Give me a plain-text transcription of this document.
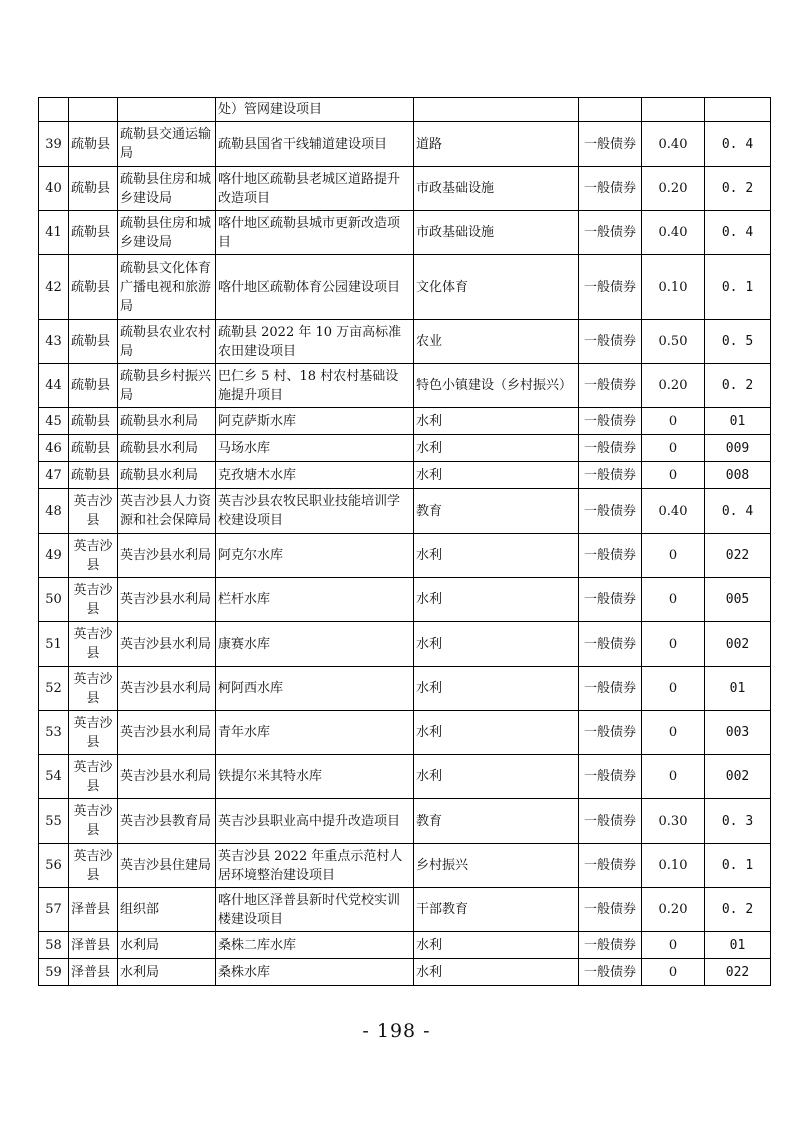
			处）管网建设项目				
39	疏勒县	疏勒县交通运输局	疏勒县国省干线辅道建设项目	道路	一般债券	0.40	0. 4
40	疏勒县	疏勒县住房和城乡建设局	喀什地区疏勒县老城区道路提升改造项目	市政基础设施	一般债券	0.20	0. 2
41	疏勒县	疏勒县住房和城乡建设局	喀什地区疏勒县城市更新改造项目	市政基础设施	一般债券	0.40	0. 4
42	疏勒县	疏勒县文化体育广播电视和旅游局	喀什地区疏勒体育公园建设项目	文化体育	一般债券	0.10	0. 1
43	疏勒县	疏勒县农业农村局	疏勒县 2022 年 10 万亩高标准农田建设项目	农业	一般债券	0.50	0. 5
44	疏勒县	疏勒县乡村振兴局	巴仁乡 5 村、18 村农村基础设施提升项目	特色小镇建设（乡村振兴）	一般债券	0.20	0. 2
45	疏勒县	疏勒县水利局	阿克萨斯水库	水利	一般债券	0	01
46	疏勒县	疏勒县水利局	马场水库	水利	一般债券	0	009
47	疏勒县	疏勒县水利局	克孜塘木水库	水利	一般债券	0	008
48	英吉沙县	英吉沙县人力资源和社会保障局	英吉沙县农牧民职业技能培训学校建设项目	教育	一般债券	0.40	0. 4
49	英吉沙县	英吉沙县水利局	阿克尔水库	水利	一般债券	0	022
50	英吉沙县	英吉沙县水利局	栏杆水库	水利	一般债券	0	005
51	英吉沙县	英吉沙县水利局	康赛水库	水利	一般债券	0	002
52	英吉沙县	英吉沙县水利局	柯阿西水库	水利	一般债券	0	01
53	英吉沙县	英吉沙县水利局	青年水库	水利	一般债券	0	003
54	英吉沙县	英吉沙县水利局	铁提尔米其特水库	水利	一般债券	0	002
55	英吉沙县	英吉沙县教育局	英吉沙县职业高中提升改造项目	教育	一般债券	0.30	0. 3
56	英吉沙县	英吉沙县住建局	英吉沙县 2022 年重点示范村人居环境整治建设项目	乡村振兴	一般债券	0.10	0. 1
57	泽普县	组织部	喀什地区泽普县新时代党校实训楼建设项目	干部教育	一般债券	0.20	0. 2
58	泽普县	水利局	桑株二库水库	水利	一般债券	0	01
59	泽普县	水利局	桑株水库	水利	一般债券	0	022
- 198 -
